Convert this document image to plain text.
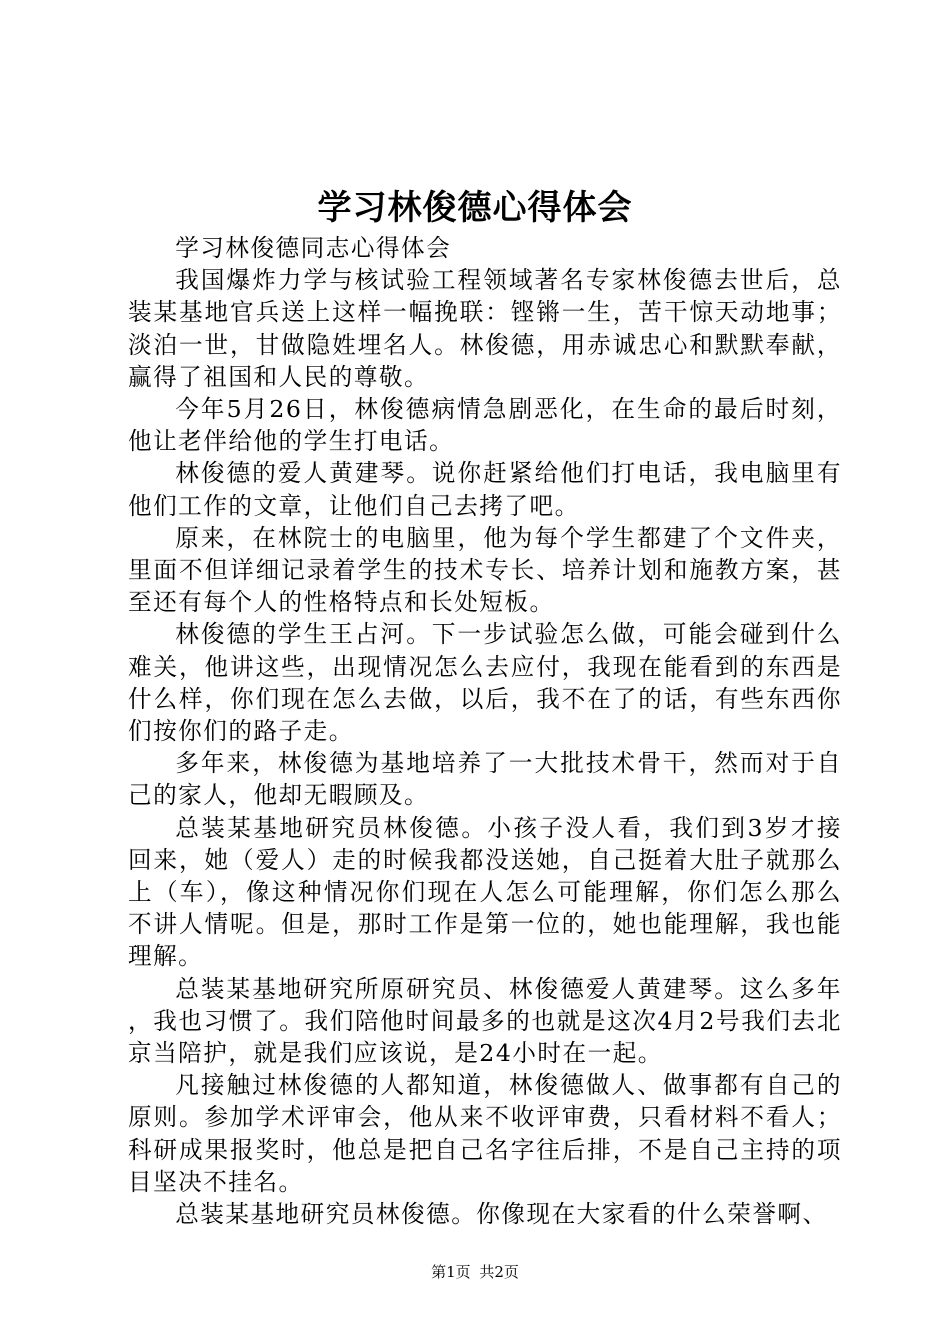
学习林俊德心得体会

学习林俊德同志心得体会

我国爆炸力学与核试验工程领域著名专家林俊德去世后，总装某基地官兵送上这样一幅挽联：铿锵一生，苦干惊天动地事；淡泊一世，甘做隐姓埋名人。林俊德，用赤诚忠心和默默奉献，赢得了祖国和人民的尊敬。

今年5月26日，林俊德病情急剧恶化，在生命的最后时刻，他让老伴给他的学生打电话。

林俊德的爱人黄建琴。说你赶紧给他们打电话，我电脑里有他们工作的文章，让他们自己去拷了吧。

原来，在林院士的电脑里，他为每个学生都建了个文件夹，里面不但详细记录着学生的技术专长、培养计划和施教方案，甚至还有每个人的性格特点和长处短板。

林俊德的学生王占河。下一步试验怎么做，可能会碰到什么难关，他讲这些，出现情况怎么去应付，我现在能看到的东西是什么样，你们现在怎么去做，以后，我不在了的话，有些东西你们按你们的路子走。

多年来，林俊德为基地培养了一大批技术骨干，然而对于自己的家人，他却无暇顾及。

总装某基地研究员林俊德。小孩子没人看，我们到3岁才接回来，她（爱人）走的时候我都没送她，自己挺着大肚子就那么上（车），像这种情况你们现在人怎么可能理解，你们怎么那么不讲人情呢。但是，那时工作是第一位的，她也能理解，我也能理解。

总装某基地研究所原研究员、林俊德爱人黄建琴。这么多年，我也习惯了。我们陪他时间最多的也就是这次4月2号我们去北京当陪护，就是我们应该说，是24小时在一起。

凡接触过林俊德的人都知道，林俊德做人、做事都有自己的原则。参加学术评审会，他从来不收评审费，只看材料不看人；科研成果报奖时，他总是把自己名字往后排，不是自己主持的项目坚决不挂名。

总装某基地研究员林俊德。你像现在大家看的什么荣誉啊、

第1页 共2页
